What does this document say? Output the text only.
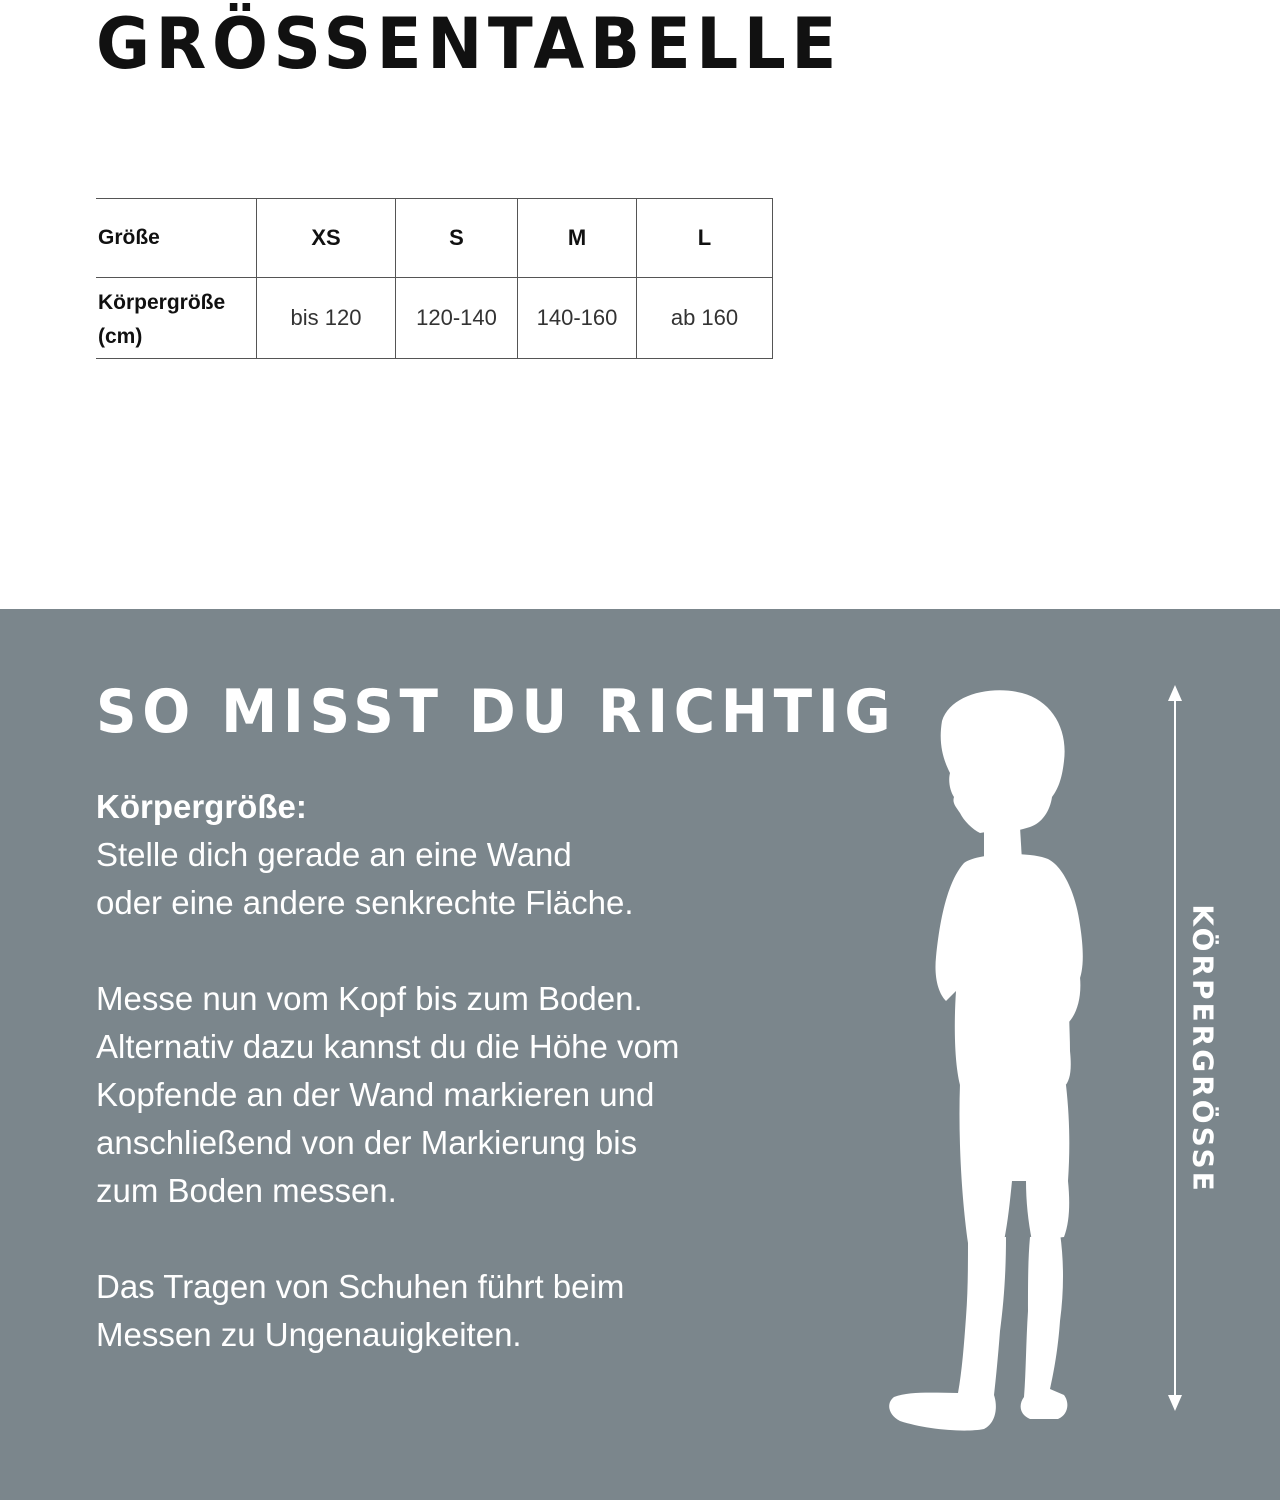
GRÖSSENTABELLE
Größe	XS	S	M	L

Körpergröße
(cm)	bis 120	120-140	140-160	ab 160
SO MISST DU RICHTIG
Körpergröße:

Stelle dich gerade an eine Wand
oder eine andere senkrechte Fläche.

Messe nun vom Kopf bis zum Boden.
Alternativ dazu kannst du die Höhe vom
Kopfende an der Wand markieren und
anschließend von der Markierung bis
zum Boden messen.

Das Tragen von Schuhen führt beim
Messen zu Ungenauigkeiten.

KÖRPERGRÖSSE
